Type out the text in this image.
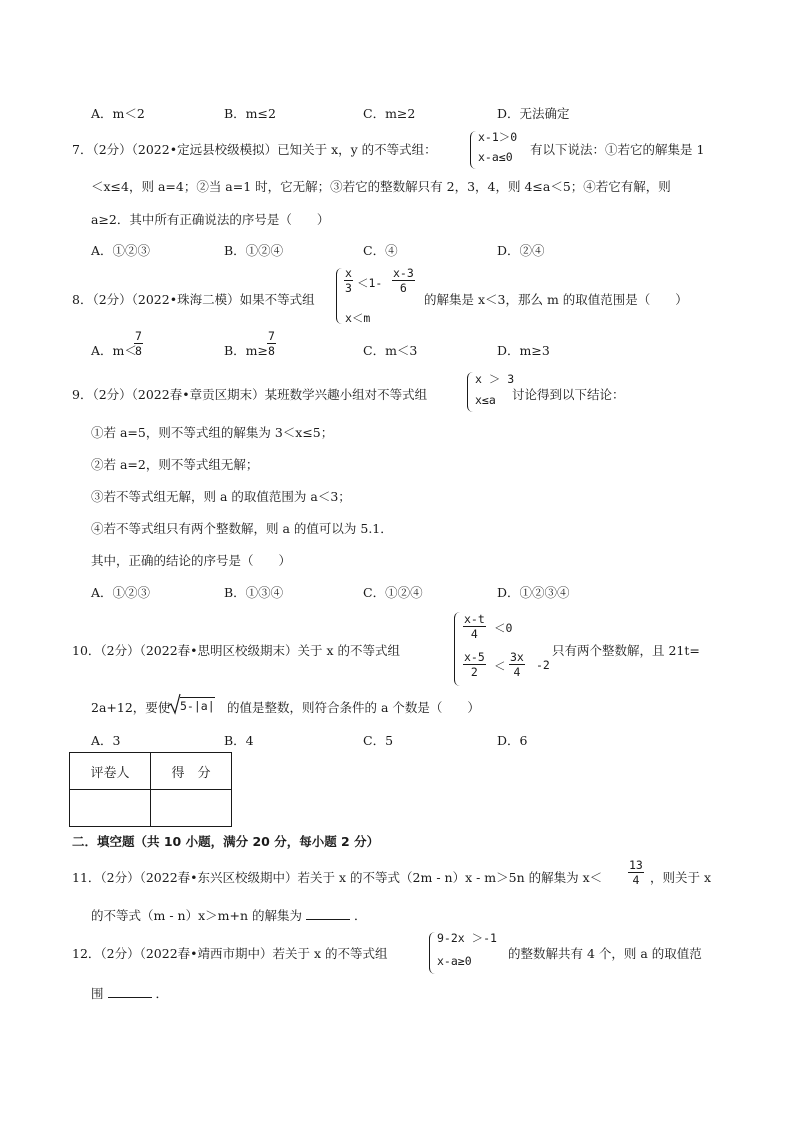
A．m＜2	B．m≤2	C．m≥2	D．无法确定
7．（2分）（2022•定远县校级模拟）已知关于 x，y 的不等式组：
x-1＞0
x-a≤0 有以下说法：①若它的解集是 1
＜x≤4，则 a=4；②当 a=1 时，它无解；③若它的整数解只有 2，3，4，则 4≤a＜5；④若它有解，则
a≥2．其中所有正确说法的序号是（　　）
A．①②③	B．①②④	C．④	D．②④
8．（2分）（2022•珠海二模）如果不等式组
$\frac{x}{3} <1- \frac{x-3}{6}$
x＜m
的解集是 x＜3，那么 m 的取值范围是（　　）
A．m＜
$\frac{7}{8}$	B．m≥
$\frac{7}{8}$	C．m＜3	D．m≥3
9．（2分）（2022春•章贡区期末）某班数学兴趣小组对不等式组
x ＞ 3
x≤a 讨论得到以下结论：
①若 a=5，则不等式组的解集为 3＜x≤5；
②若 a=2，则不等式组无解；
③若不等式组无解，则 a 的取值范围为 a＜3；
④若不等式组只有两个整数解，则 a 的值可以为 5.1．
其中，正确的结论的序号是（　　）
A．①②③	B．①③④	C．①②④	D．①②③④
10．（2分）（2022春•思明区校级期末）关于 x 的不等式组
$\frac{x-t}{4} <0$
$\frac{x-5}{2} < \frac{3x}{4} -2$
只有两个整数解，且 21t=
2a+12，要使 5-|a| 的值是整数，则符合条件的 a 个数是（　　）
A．3	B．4	C．5	D．6
评卷人	得　分

二．填空题（共 10 小题，满分 20 分，每小题 2 分）
11．（2分）（2022春•东兴区校级期中）若关于 x 的不等式（2m - n）x - m＞5n 的解集为 $x< \frac{13}{4}$ ，则关于 x
的不等式（m - n）x＞m+n 的解集为	．
12．（2分）（2022春•靖西市期中）若关于 x 的不等式组
9-2x ＞-1
x-a≥0	的整数解共有 4 个，则 a 的取值范
围	．
